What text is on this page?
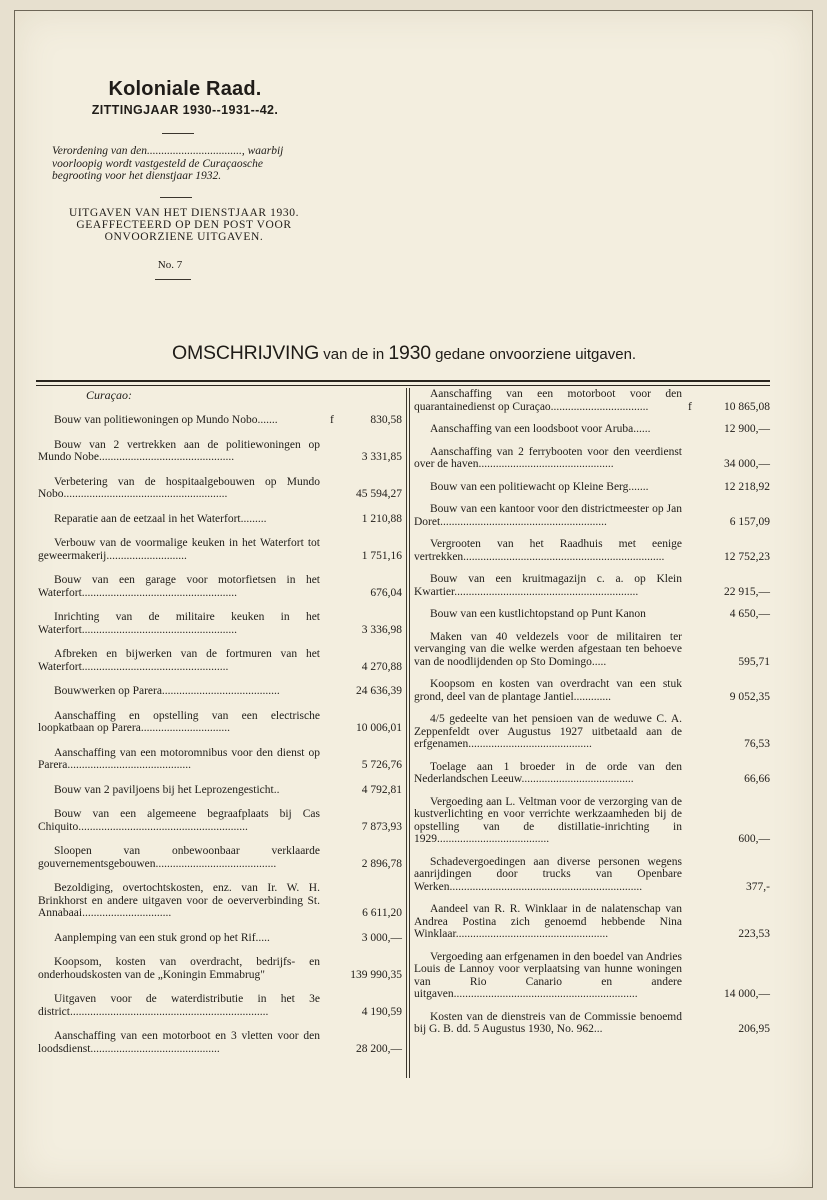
Koloniale Raad.
ZITTINGJAAR 1930--1931--42.
Verordening van den................................., waarbij voorloopig wordt vastgesteld de Curaçaosche begrooting voor het dienstjaar 1932.
UITGAVEN VAN HET DIENSTJAAR 1930. GEAFFECTEERD OP DEN POST VOOR ONVOORZIENE UITGAVEN.
No. 7
OMSCHRIJVING van de in 1930 gedane onvoorziene uitgaven.
Curaçao:
Bouw van politiewoningen op Mundo Nobo.......	f	830,58
Bouw van 2 vertrekken aan de politiewoningen op Mundo Nobe...............................................	3 331,85
Verbetering van de hospitaalgebouwen op Mundo Nobo.........................................................	45 594,27
Reparatie aan de eetzaal in het Waterfort.........	1 210,88
Verbouw van de voormalige keuken in het Waterfort tot geweermakerij............................	1 751,16
Bouw van een garage voor motorfietsen in het Waterfort......................................................	676,04
Inrichting van de militaire keuken in het Waterfort......................................................	3 336,98
Afbreken en bijwerken van de fortmuren van het Waterfort...................................................	4 270,88
Bouwwerken op Parera.........................................	24 636,39
Aanschaffing en opstelling van een electrische loopkatbaan op Parera...............................	10 006,01
Aanschaffing van een motoromnibus voor den dienst op Parera...........................................	5 726,76
Bouw van 2 paviljoens bij het Leprozengesticht..	4 792,81
Bouw van een algemeene begraafplaats bij Cas Chiquito...........................................................	7 873,93
Sloopen van onbewoonbaar verklaarde gouvernementsgebouwen..........................................	2 896,78
Bezoldiging, overtochtskosten, enz. van Ir. W. H. Brinkhorst en andere uitgaven voor de oeververbinding St. Annabaai...............................	6 611,20
Aanplemping van een stuk grond op het Rif.....	3 000,—
Koopsom, kosten van overdracht, bedrijfs- en onderhoudskosten van de „Koningin Emmabrug"	139 990,35
Uitgaven voor de waterdistributie in het 3e district.....................................................................	4 190,59
Aanschaffing van een motorboot en 3 vletten voor den loodsdienst.............................................	28 200,—
Aanschaffing van een motorboot voor den quarantainedienst op Curaçao..................................	f	10 865,08
Aanschaffing van een loodsboot voor Aruba......	12 900,—
Aanschaffing van 2 ferrybooten voor den veerdienst over de haven...............................................	34 000,—
Bouw van een politiewacht op Kleine Berg.......	12 218,92
Bouw van een kantoor voor den districtmeester op Jan Doret..........................................................	6 157,09
Vergrooten van het Raadhuis met eenige vertrekken......................................................................	12 752,23
Bouw van een kruitmagazijn c. a. op Klein Kwartier................................................................	22 915,—
Bouw van een kustlichtopstand op Punt Kanon	4 650,—
Maken van 40 veldezels voor de militairen ter vervanging van die welke werden afgestaan ten behoeve van de noodlijdenden op Sto Domingo.....	595,71
Koopsom en kosten van overdracht van een stuk grond, deel van de plantage Jantiel.............	9 052,35
4/5 gedeelte van het pensioen van de weduwe C. A. Zeppenfeldt over Augustus 1927 uitbetaald aan de erfgenamen...........................................	76,53
Toelage aan 1 broeder in de orde van den Nederlandschen Leeuw.......................................	66,66
Vergoeding aan L. Veltman voor de verzorging van de kustverlichting en voor verrichte werkzaamheden bij de opstelling van de distillatie-inrichting in 1929.......................................	600,—
Schadevergoedingen aan diverse personen wegens aanrijdingen door trucks van Openbare Werken...................................................................	377,-
Aandeel van R. R. Winklaar in de nalatenschap van Andrea Postina zich genoemd hebbende Nina Winklaar.....................................................	223,53
Vergoeding aan erfgenamen in den boedel van Andries Louis de Lannoy voor verplaatsing van hunne woningen van Rio Canario en andere uitgaven................................................................	14 000,—
Kosten van de dienstreis van de Commissie benoemd bij G. B. dd. 5 Augustus 1930, No. 962...	206,95
